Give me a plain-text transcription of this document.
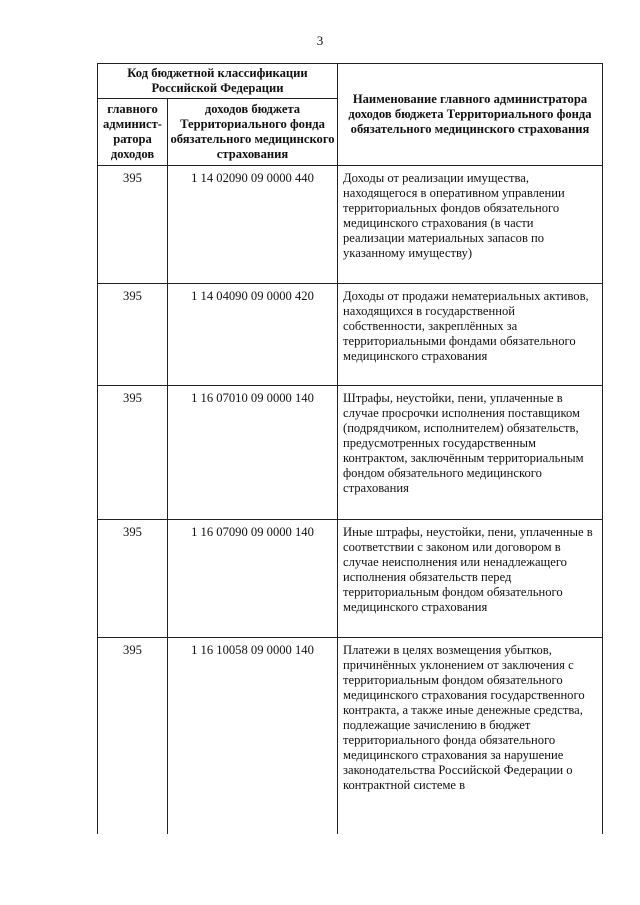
3
Код бюджетной классификации Российской Федерации		Наименование главного администратора доходов бюджета Территориального фонда обязательного медицинского страхования
главного админист-ратора доходов	доходов бюджета Территориального фонда обязательного медицинского страхования	
395	1 14 02090 09 0000 440	Доходы от реализации имущества, находящегося в оперативном управлении территориальных фондов обязательного медицинского страхования (в части реализации материальных запасов по указанному имуществу)
395	1 14 04090 09 0000 420	Доходы от продажи нематериальных активов, находящихся в государственной собственности, закреплённых за территориальными фондами обязательного медицинского страхования
395	1 16 07010 09 0000 140	Штрафы, неустойки, пени, уплаченные в случае просрочки исполнения поставщиком (подрядчиком, исполнителем) обязательств, предусмотренных государственным контрактом, заключённым территориальным фондом обязательного медицинского страхования
395	1 16 07090 09 0000 140	Иные штрафы, неустойки, пени, уплаченные в соответствии с законом или договором в случае неисполнения или ненадлежащего исполнения обязательств перед территориальным фондом обязательного медицинского страхования
395	1 16 10058 09 0000 140	Платежи в целях возмещения убытков, причинённых уклонением от заключения с территориальным фондом обязательного медицинского страхования государственного контракта, а также иные денежные средства, подлежащие зачислению в бюджет территориального фонда обязательного медицинского страхования за нарушение законодательства Российской Федерации о контрактной системе в
